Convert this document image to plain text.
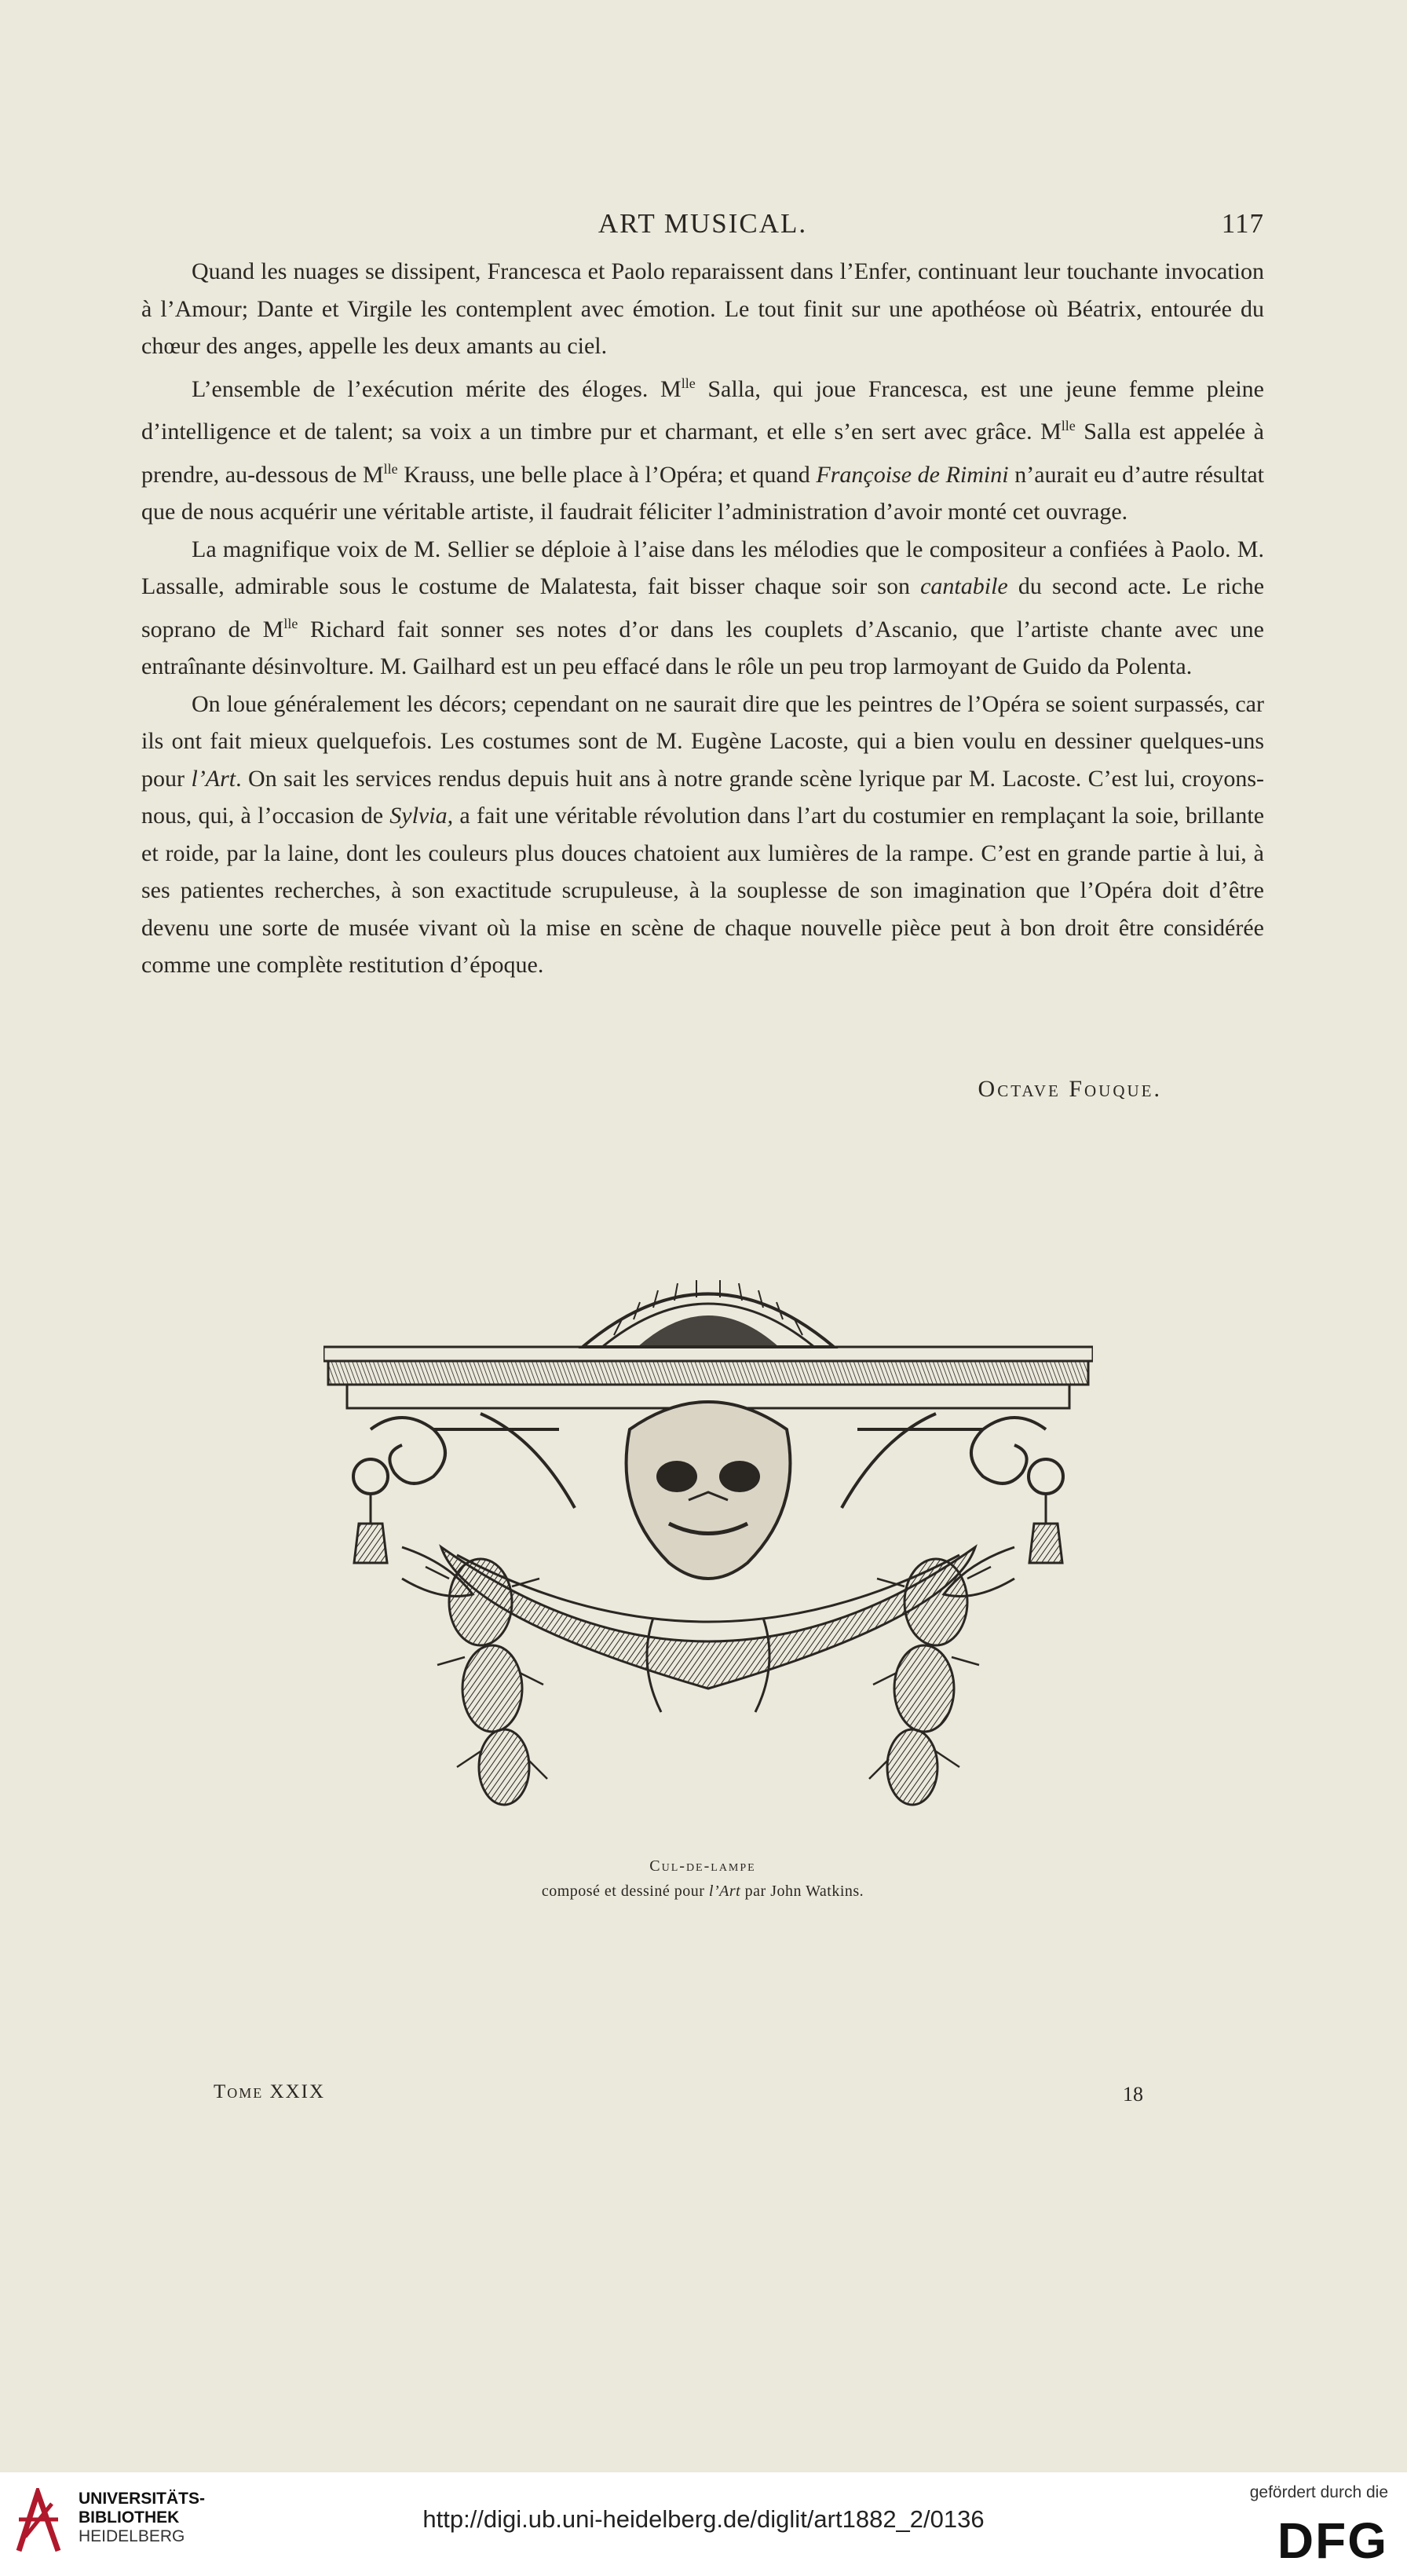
ART MUSICAL.	117

Quand les nuages se dissipent, Francesca et Paolo reparaissent dans l’Enfer, continuant leur touchante invocation à l’Amour; Dante et Virgile les contemplent avec émotion. Le tout finit sur une apothéose où Béatrix, entourée du chœur des anges, appelle les deux amants au ciel.

L’ensemble de l’exécution mérite des éloges. $M^{lle}$ Salla, qui joue Francesca, est une jeune femme pleine d’intelligence et de talent; sa voix a un timbre pur et charmant, et elle s’en sert avec grâce. $M^{lle}$ Salla est appelée à prendre, au-dessous de $M^{lle}$ Krauss, une belle place à l’Opéra; et quand Françoise de Rimini n’aurait eu d’autre résultat que de nous acquérir une véritable artiste, il faudrait féliciter l’administration d’avoir monté cet ouvrage.

La magnifique voix de M. Sellier se déploie à l’aise dans les mélodies que le compositeur a confiées à Paolo. M. Lassalle, admirable sous le costume de Malatesta, fait bisser chaque soir son cantabile du second acte. Le riche soprano de $M^{lle}$ Richard fait sonner ses notes d’or dans les couplets d’Ascanio, que l’artiste chante avec une entraînante désinvolture. M. Gailhard est un peu effacé dans le rôle un peu trop larmoyant de Guido da Polenta.

On loue généralement les décors; cependant on ne saurait dire que les peintres de l’Opéra se soient surpassés, car ils ont fait mieux quelquefois. Les costumes sont de M. Eugène Lacoste, qui a bien voulu en dessiner quelques-uns pour l’Art. On sait les services rendus depuis huit ans à notre grande scène lyrique par M. Lacoste. C’est lui, croyons-nous, qui, à l’occasion de Sylvia, a fait une véritable révolution dans l’art du costumier en remplaçant la soie, brillante et roide, par la laine, dont les couleurs plus douces chatoient aux lumières de la rampe. C’est en grande partie à lui, à ses patientes recherches, à son exactitude scrupuleuse, à la souplesse de son imagination que l’Opéra doit d’être devenu une sorte de musée vivant où la mise en scène de chaque nouvelle pièce peut à bon droit être considérée comme une complète restitution d’époque.

Octave Fouque.
Cul-de-lampe
composé et dessiné pour l’Art par John Watkins.
Tome XXIX	18
UNIVERSITÄTS-
BIBLIOTHEK
HEIDELBERG
http://digi.ub.uni-heidelberg.de/diglit/art1882_2/0136
gefördert durch die
DFG
